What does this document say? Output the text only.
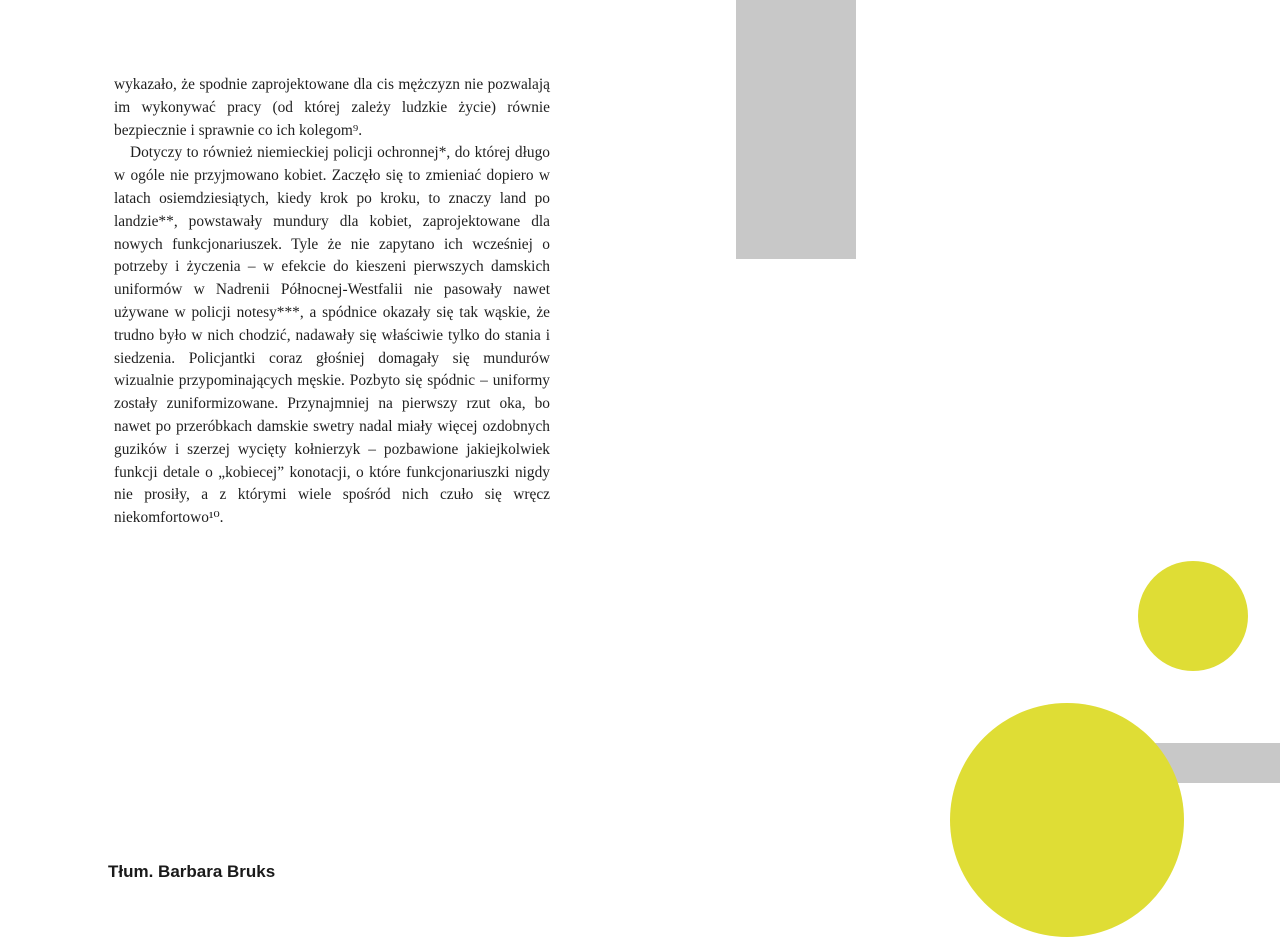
wykazało, że spodnie zaprojektowane dla cis mężczyzn nie pozwalają im wykonywać pracy (od której zależy ludzkie życie) równie bezpiecznie i sprawnie co ich kolegom⁹.

Dotyczy to również niemieckiej policji ochronnej*, do której długo w ogóle nie przyjmowano kobiet. Zaczęło się to zmieniać dopiero w latach osiemdziesiątych, kiedy krok po kroku, to znaczy land po landzie**, powstawały mundury dla kobiet, zaprojektowane dla nowych funkcjonariuszek. Tyle że nie zapytano ich wcześniej o potrzeby i życzenia – w efekcie do kieszeni pierwszych damskich uniformów w Nadrenii Północnej-Westfalii nie pasowały nawet używane w policji notesy***, a spódnice okazały się tak wąskie, że trudno było w nich chodzić, nadawały się właściwie tylko do stania i siedzenia. Policjantki coraz głośniej domagały się mundurów wizualnie przypominających męskie. Pozbyto się spódnic – uniformy zostały zuniformizowane. Przynajmniej na pierwszy rzut oka, bo nawet po przeróbkach damskie swetry nadal miały więcej ozdobnych guzików i szerzej wycięty kołnierzyk – pozbawione jakiejkolwiek funkcji detale o „kobiecej” konotacji, o które funkcjonariuszki nigdy nie prosiły, a z którymi wiele spośród nich czuło się wręcz niekomfortowo¹⁰.

Tłum. Barbara Bruks
